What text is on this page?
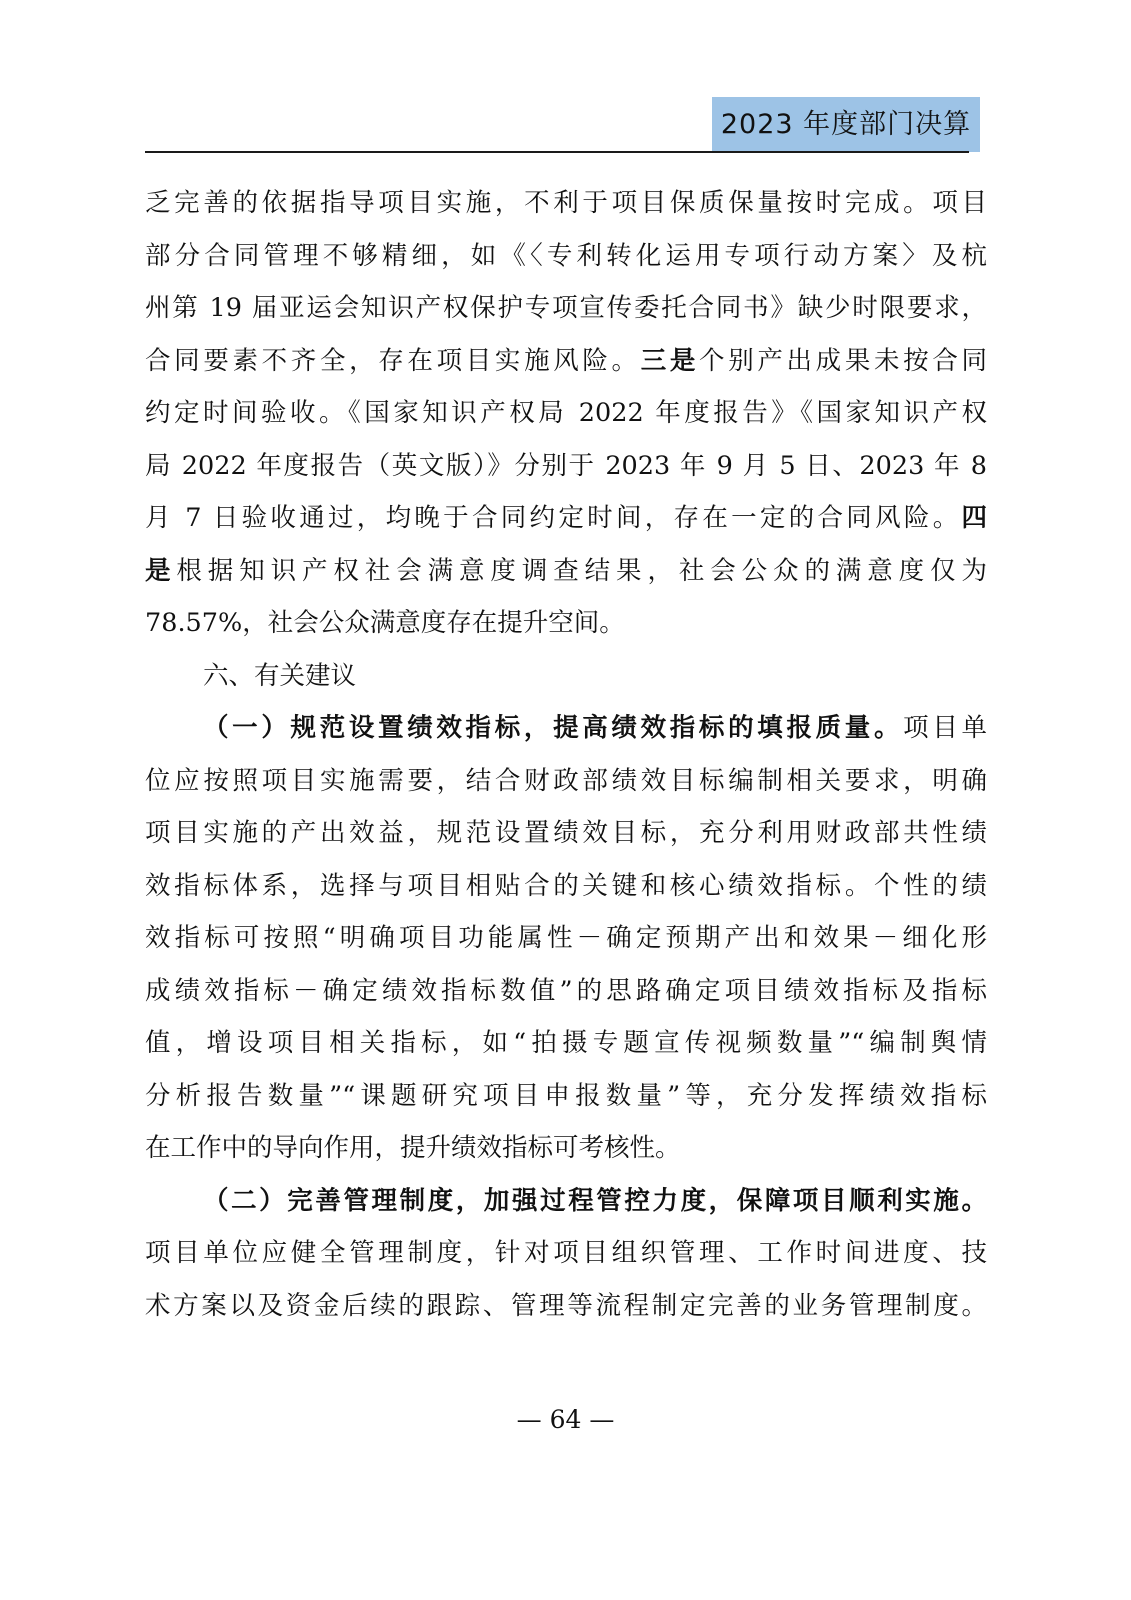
2023 年度部门决算
乏完善的依据指导项目实施，不利于项目保质保量按时完成。项目
部分合同管理不够精细，如《〈专利转化运用专项行动方案〉及杭
州第 19 届亚运会知识产权保护专项宣传委托合同书》缺少时限要求，
合同要素不齐全，存在项目实施风险。三是个别产出成果未按合同
约定时间验收。《国家知识产权局 2022 年度报告》《国家知识产权
局 2022 年度报告（英文版）》分别于 2023 年 9 月 5 日、2023 年 8
月 7 日验收通过，均晚于合同约定时间，存在一定的合同风险。四
是根据知识产权社会满意度调查结果，社会公众的满意度仅为
78.57%，社会公众满意度存在提升空间。
六、有关建议
（一）规范设置绩效指标，提高绩效指标的填报质量。项目单
位应按照项目实施需要，结合财政部绩效目标编制相关要求，明确
项目实施的产出效益，规范设置绩效目标，充分利用财政部共性绩
效指标体系，选择与项目相贴合的关键和核心绩效指标。个性的绩
效指标可按照“明确项目功能属性－确定预期产出和效果－细化形
成绩效指标－确定绩效指标数值”的思路确定项目绩效指标及指标
值，增设项目相关指标，如“拍摄专题宣传视频数量”“编制舆情
分析报告数量”“课题研究项目申报数量”等，充分发挥绩效指标
在工作中的导向作用，提升绩效指标可考核性。
（二）完善管理制度，加强过程管控力度，保障项目顺利实施。
项目单位应健全管理制度，针对项目组织管理、工作时间进度、技
术方案以及资金后续的跟踪、管理等流程制定完善的业务管理制度。
— 64 —
